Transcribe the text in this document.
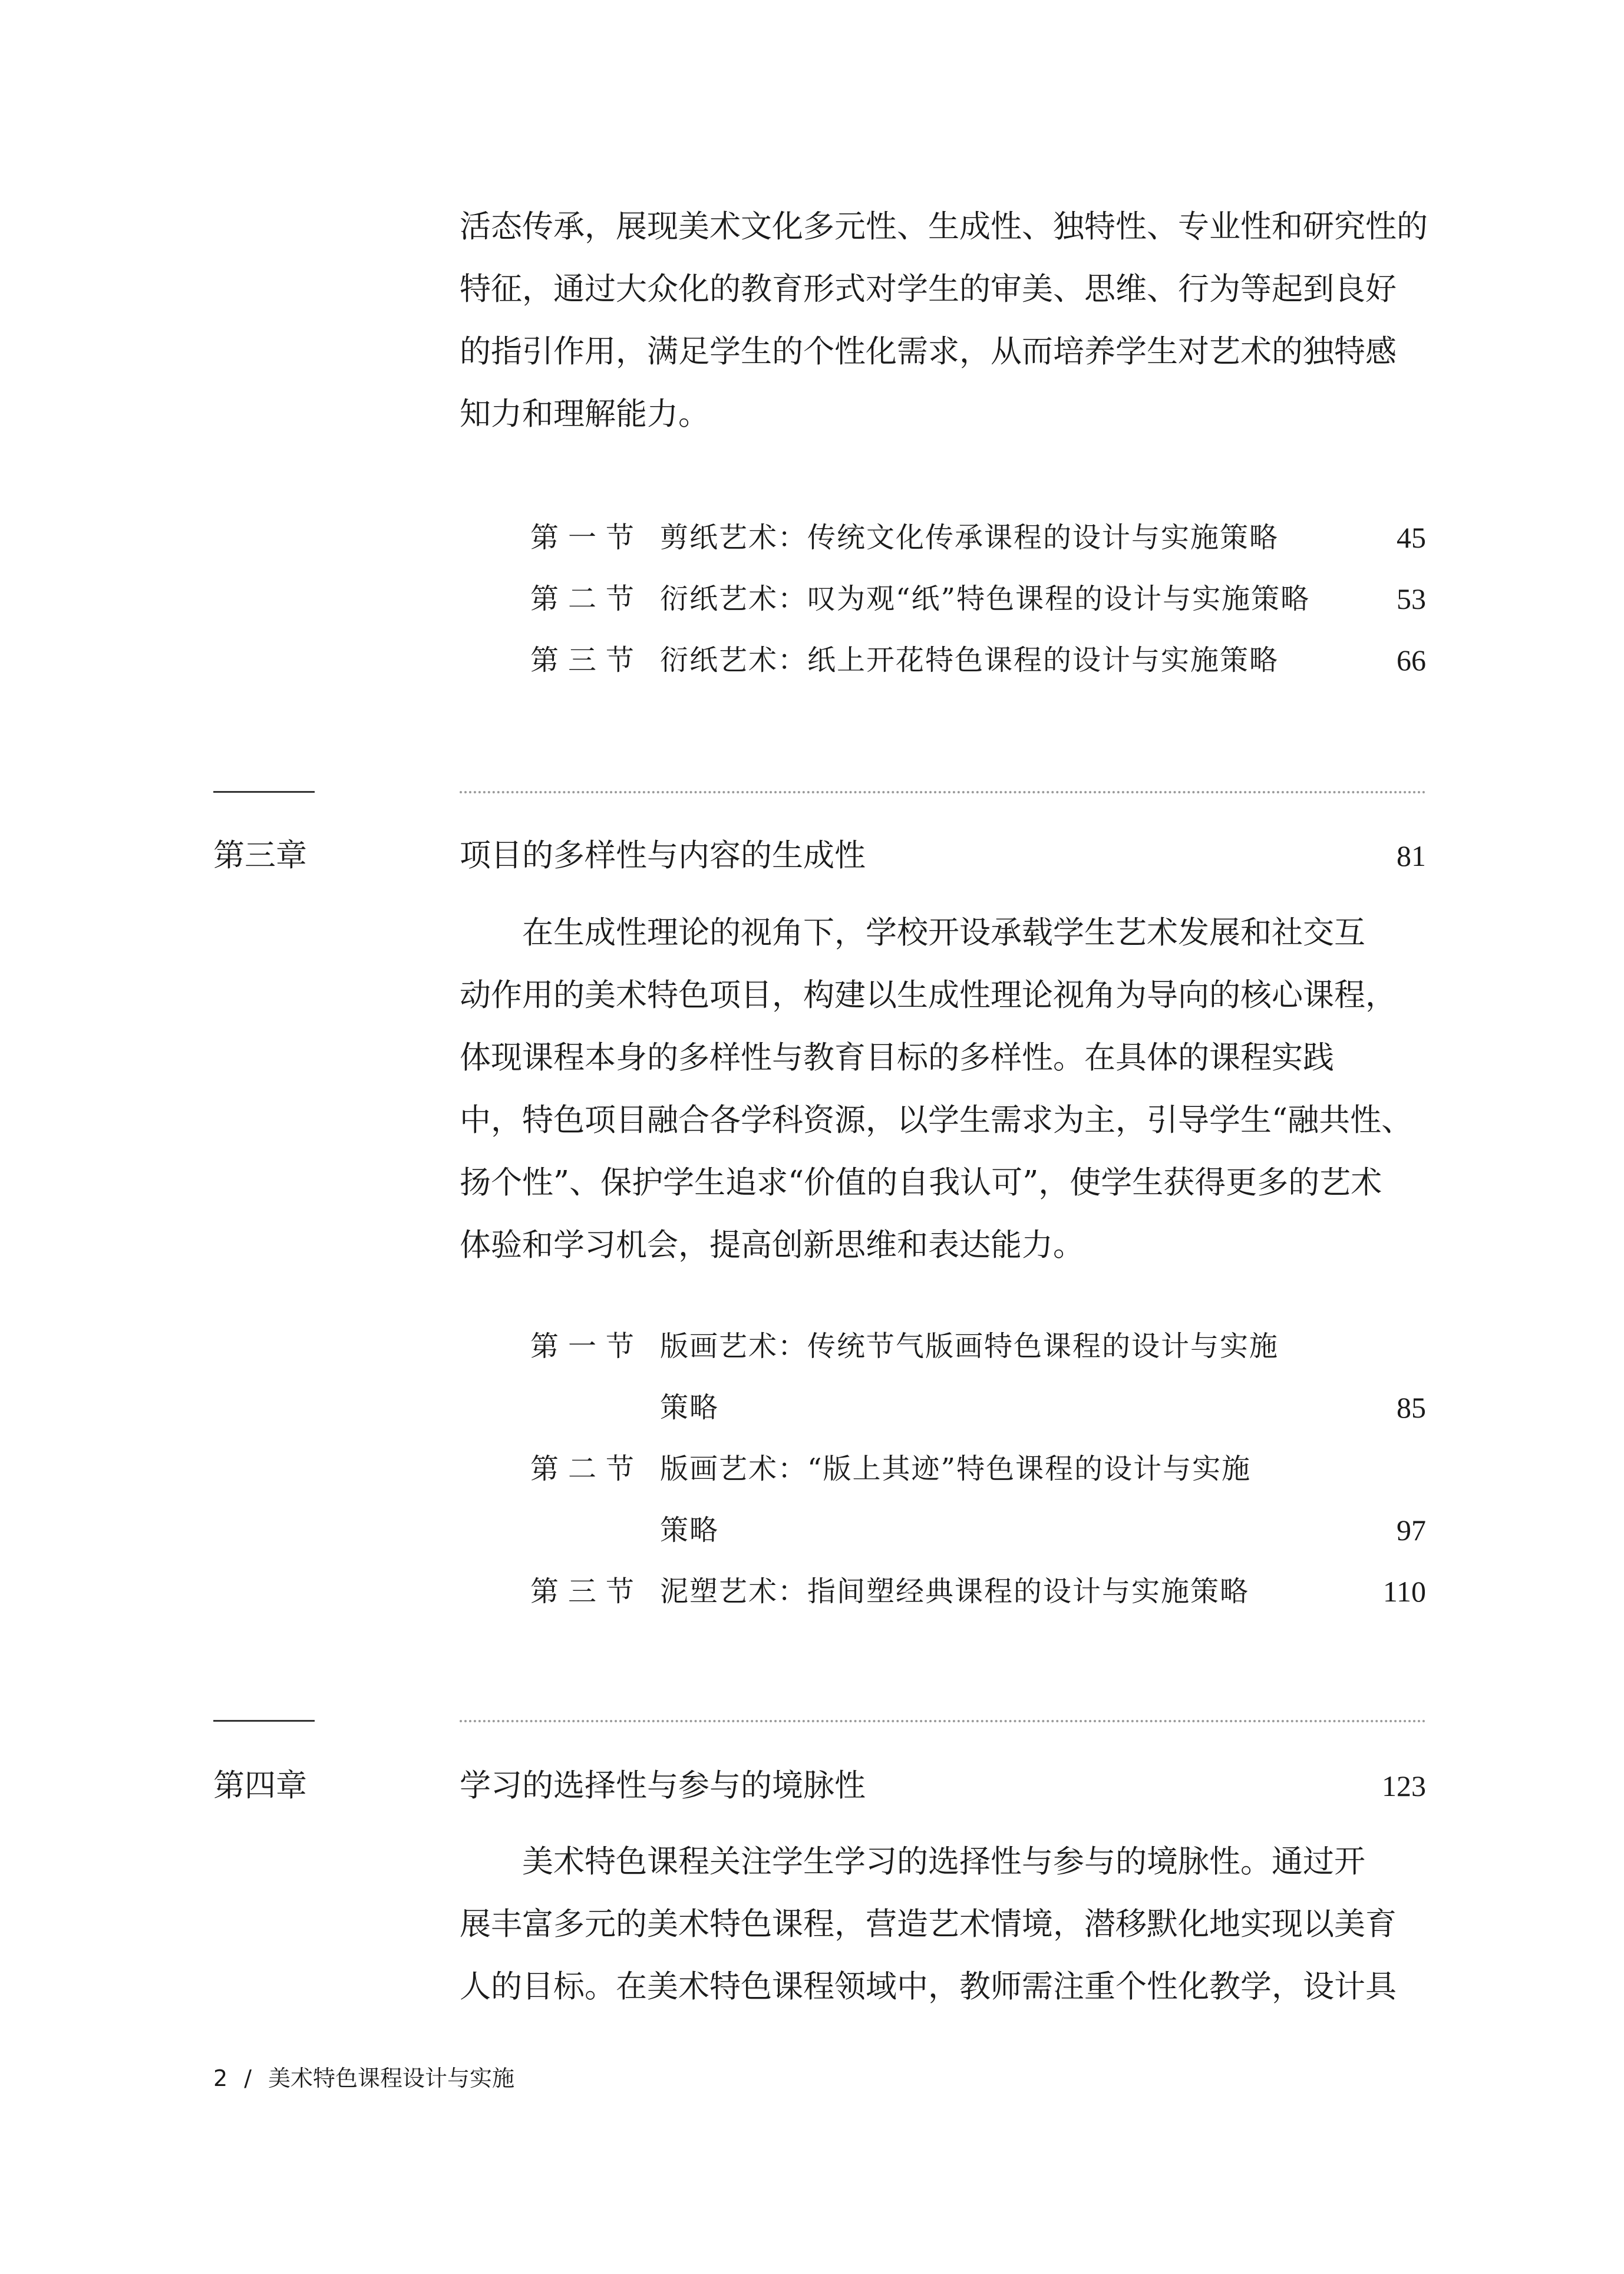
活态传承，展现美术文化多元性、生成性、独特性、专业性和研究性的
特征，通过大众化的教育形式对学生的审美、思维、行为等起到良好
的指引作用，满足学生的个性化需求，从而培养学生对艺术的独特感
知力和理解能力。

第一节 剪纸艺术：传统文化传承课程的设计与实施策略	45
第二节 衍纸艺术：叹为观“纸”特色课程的设计与实施策略	53
第三节 衍纸艺术：纸上开花特色课程的设计与实施策略	66
第三章	项目的多样性与内容的生成性	81

在生成性理论的视角下，学校开设承载学生艺术发展和社交互
动作用的美术特色项目，构建以生成性理论视角为导向的核心课程，
体现课程本身的多样性与教育目标的多样性。在具体的课程实践
中，特色项目融合各学科资源，以学生需求为主，引导学生“融共性、
扬个性”、保护学生追求“价值的自我认可”，使学生获得更多的艺术
体验和学习机会，提高创新思维和表达能力。

第一节 版画艺术：传统节气版画特色课程的设计与实施
策略	85
第二节 版画艺术：“版上其迹”特色课程的设计与实施
策略	97
第三节 泥塑艺术：指间塑经典课程的设计与实施策略	110
第四章	学习的选择性与参与的境脉性	123

美术特色课程关注学生学习的选择性与参与的境脉性。通过开
展丰富多元的美术特色课程，营造艺术情境，潜移默化地实现以美育
人的目标。在美术特色课程领域中，教师需注重个性化教学，设计具

2 / 美术特色课程设计与实施
